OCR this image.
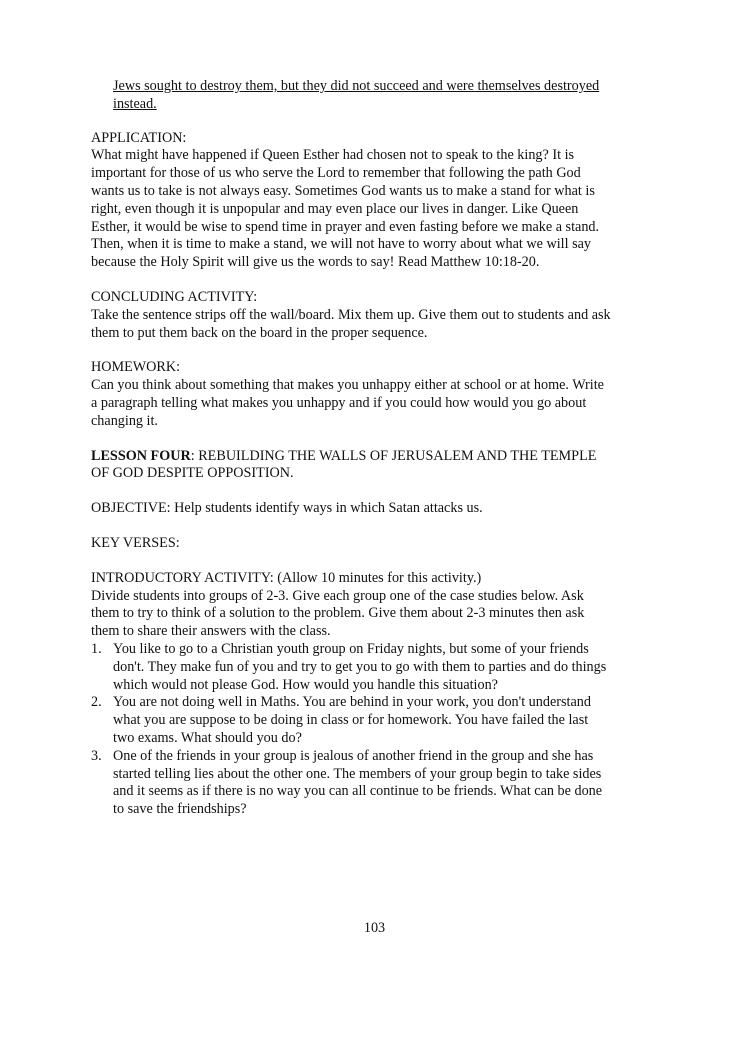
Jews sought to destroy them, but they did not succeed and were themselves destroyed instead.

APPLICATION:

What might have happened if Queen Esther had chosen not to speak to the king? It is important for those of us who serve the Lord to remember that following the path God wants us to take is not always easy. Sometimes God wants us to make a stand for what is right, even though it is unpopular and may even place our lives in danger. Like Queen Esther, it would be wise to spend time in prayer and even fasting before we make a stand. Then, when it is time to make a stand, we will not have to worry about what we will say because the Holy Spirit will give us the words to say! Read Matthew 10:18-20.

CONCLUDING ACTIVITY:

Take the sentence strips off the wall/board. Mix them up. Give them out to students and ask them to put them back on the board in the proper sequence.

HOMEWORK:

Can you think about something that makes you unhappy either at school or at home. Write a paragraph telling what makes you unhappy and if you could how would you go about changing it.

LESSON FOUR: REBUILDING THE WALLS OF JERUSALEM AND THE TEMPLE OF GOD DESPITE OPPOSITION.

OBJECTIVE: Help students identify ways in which Satan attacks us.

KEY VERSES:

INTRODUCTORY ACTIVITY: (Allow 10 minutes for this activity.)

Divide students into groups of 2-3. Give each group one of the case studies below. Ask them to try to think of a solution to the problem. Give them about 2-3 minutes then ask them to share their answers with the class.

1. You like to go to a Christian youth group on Friday nights, but some of your friends don't. They make fun of you and try to get you to go with them to parties and do things which would not please God. How would you handle this situation?
2. You are not doing well in Maths. You are behind in your work, you don't understand what you are suppose to be doing in class or for homework. You have failed the last two exams. What should you do?
3. One of the friends in your group is jealous of another friend in the group and she has started telling lies about the other one. The members of your group begin to take sides and it seems as if there is no way you can all continue to be friends. What can be done to save the friendships?
103
